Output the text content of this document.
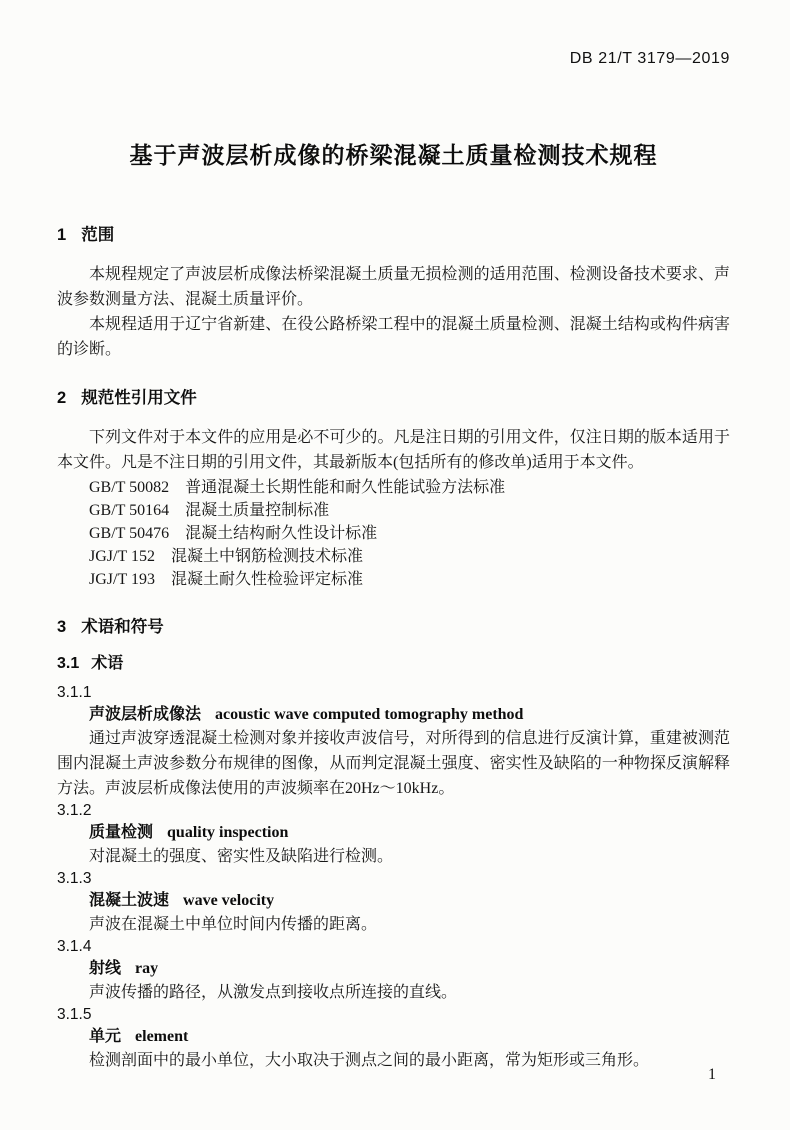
DB 21/T 3179—2019
基于声波层析成像的桥梁混凝土质量检测技术规程
1 范围

本规程规定了声波层析成像法桥梁混凝土质量无损检测的适用范围、检测设备技术要求、声波参数测量方法、混凝土质量评价。

本规程适用于辽宁省新建、在役公路桥梁工程中的混凝土质量检测、混凝土结构或构件病害的诊断。

2 规范性引用文件

下列文件对于本文件的应用是必不可少的。凡是注日期的引用文件，仅注日期的版本适用于本文件。凡是不注日期的引用文件，其最新版本(包括所有的修改单)适用于本文件。

GB/T 50082 普通混凝土长期性能和耐久性能试验方法标准
GB/T 50164 混凝土质量控制标准
GB/T 50476 混凝土结构耐久性设计标准
JGJ/T 152 混凝土中钢筋检测技术标准
JGJ/T 193 混凝土耐久性检验评定标准
3 术语和符号
3.1 术语
3.1.1
声波层析成像法 acoustic wave computed tomography method

通过声波穿透混凝土检测对象并接收声波信号，对所得到的信息进行反演计算，重建被测范围内混凝土声波参数分布规律的图像，从而判定混凝土强度、密实性及缺陷的一种物探反演解释方法。声波层析成像法使用的声波频率在20Hz～10kHz。

3.1.2
质量检测 quality inspection

对混凝土的强度、密实性及缺陷进行检测。

3.1.3
混凝土波速 wave velocity

声波在混凝土中单位时间内传播的距离。

3.1.4
射线 ray

声波传播的路径，从激发点到接收点所连接的直线。

3.1.5
单元 element

检测剖面中的最小单位，大小取决于测点之间的最小距离，常为矩形或三角形。

1
